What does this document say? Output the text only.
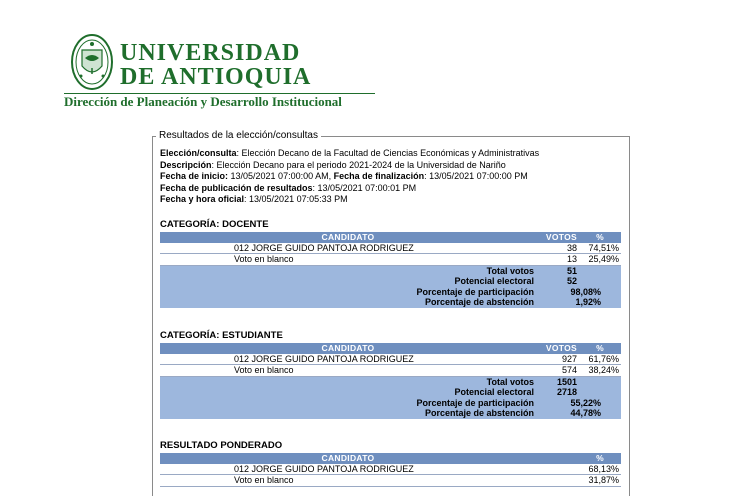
UNIVERSIDAD
DE ANTIOQUIA
Dirección de Planeación y Desarrollo Institucional
Resultados de la elección/consultas
Elección/consulta: Elección Decano de la Facultad de Ciencias Económicas y Administrativas
Descripción: Elección Decano para el periodo 2021-2024 de la Universidad de Nariño
Fecha de inicio: 13/05/2021 07:00:00 AM, Fecha de finalización: 13/05/2021 07:00:00 PM
Fecha de publicación de resultados: 13/05/2021 07:00:01 PM
Fecha y hora oficial: 13/05/2021 07:05:33 PM
CATEGORÍA: DOCENTE
CANDIDATO	VOTOS	%
012 JORGE GUIDO PANTOJA RODRIGUEZ	38	74,51%
Voto en blanco	13	25,49%
Total votos	51	
Potencial electoral	52	
Porcentaje de participación	98,08%	
Porcentaje de abstención	1,92%	
CATEGORÍA: ESTUDIANTE
CANDIDATO	VOTOS	%
012 JORGE GUIDO PANTOJA RODRIGUEZ	927	61,76%
Voto en blanco	574	38,24%
Total votos	1501	
Potencial electoral	2718	
Porcentaje de participación	55,22%	
Porcentaje de abstención	44,78%	
RESULTADO PONDERADO
CANDIDATO		%
012 JORGE GUIDO PANTOJA RODRIGUEZ		68,13%
Voto en blanco		31,87%
